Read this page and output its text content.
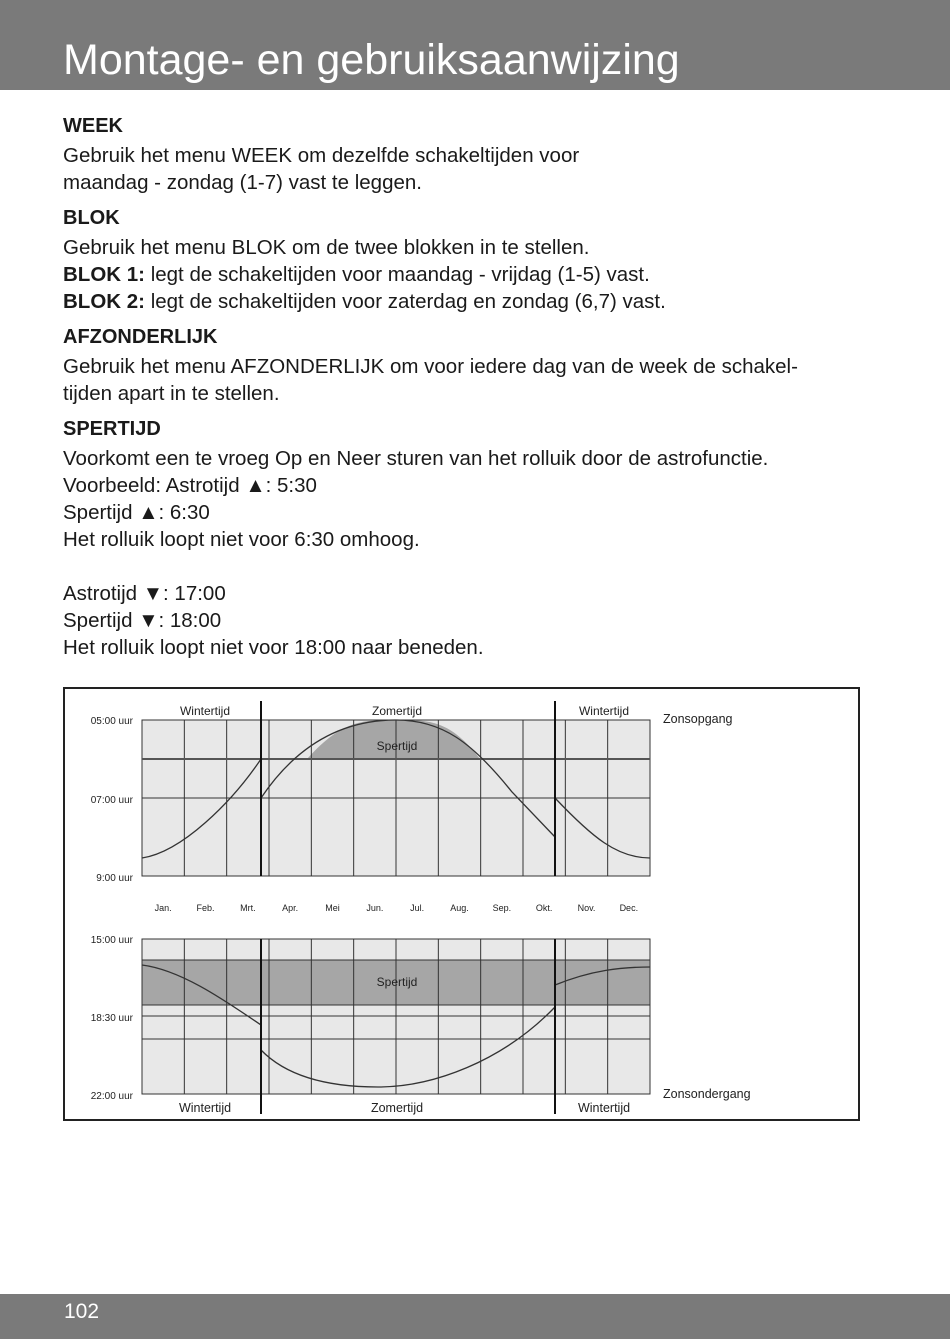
Montage- en gebruiksaanwijzing
WEEK

Gebruik het menu WEEK om dezelfde schakeltijden voor
maandag - zondag (1-7) vast te leggen.

BLOK

Gebruik het menu BLOK om de twee blokken in te stellen.
BLOK 1: legt de schakeltijden voor maandag - vrijdag (1-5) vast.
BLOK 2: legt de schakeltijden voor zaterdag en zondag (6,7) vast.

AFZONDERLIJK

Gebruik het menu AFZONDERLIJK om voor iedere dag van de week de schakel-
tijden apart in te stellen.

SPERTIJD

Voorkomt een te vroeg Op en Neer sturen van het rolluik door de astrofunctie.
Voorbeeld: Astrotijd ▲: 5:30
Spertijd ▲: 6:30
Het rolluik loopt niet voor 6:30 omhoog.

Astrotijd ▼: 17:00
Spertijd ▼: 18:00
Het rolluik loopt niet voor 18:00 naar beneden.

05:00 uur
07:00 uur
9:00 uur
15:00 uur
18:30 uur
22:00 uur
Jan.	Feb.	Mrt.	Apr.	Mei	Jun.	Jul.	Aug.	Sep.	Okt.	Nov.	Dec.
Wintertijd	Zomertijd	Wintertijd
Wintertijd	Zomertijd	Wintertijd
Spertijd
Spertijd
Zonsopgang
Zonsondergang
102
